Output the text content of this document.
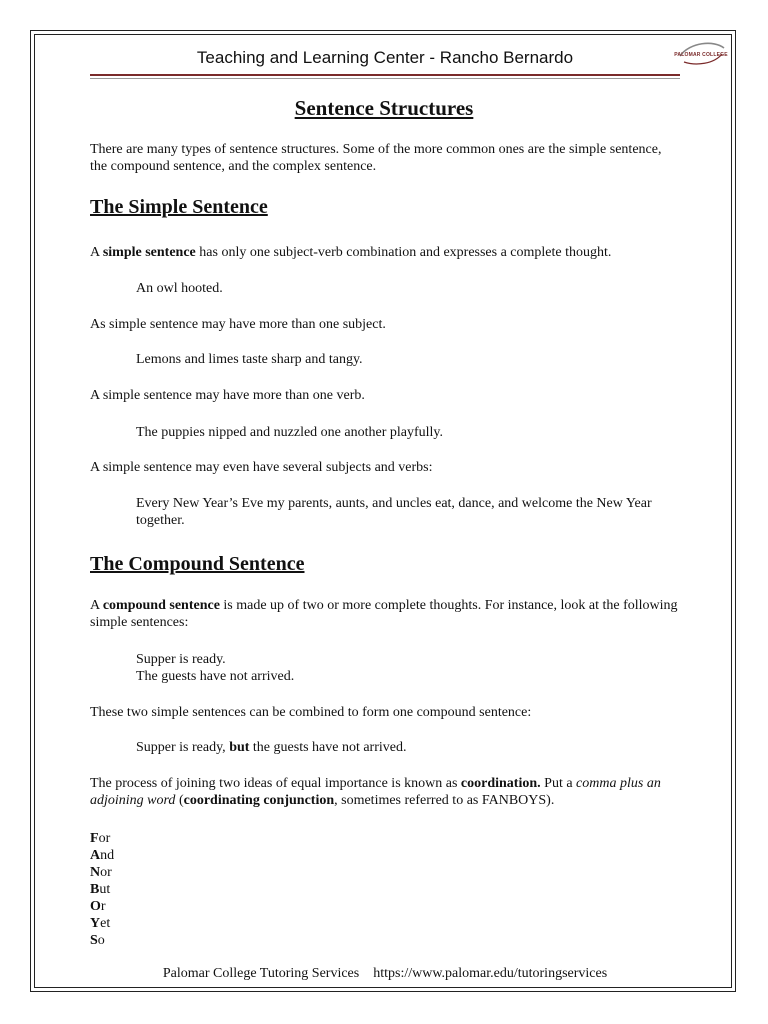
Teaching and Learning Center - Rancho Bernardo	PALOMAR COLLEGE
Sentence Structures

There are many types of sentence structures. Some of the more common ones are the simple sentence, the compound sentence, and the complex sentence.

The Simple Sentence

A simple sentence has only one subject-verb combination and expresses a complete thought.

An owl hooted.

As simple sentence may have more than one subject.

Lemons and limes taste sharp and tangy.

A simple sentence may have more than one verb.

The puppies nipped and nuzzled one another playfully.

A simple sentence may even have several subjects and verbs:

Every New Year’s Eve my parents, aunts, and uncles eat, dance, and welcome the New Year together.

The Compound Sentence

A compound sentence is made up of two or more complete thoughts. For instance, look at the following simple sentences:

Supper is ready.

The guests have not arrived.

These two simple sentences can be combined to form one compound sentence:

Supper is ready, but the guests have not arrived.

The process of joining two ideas of equal importance is known as coordination. Put a comma plus an adjoining word (coordinating conjunction, sometimes referred to as FANBOYS).

For
And
Nor
But
Or
Yet
So
Palomar College Tutoring Services https://www.palomar.edu/tutoringservices
